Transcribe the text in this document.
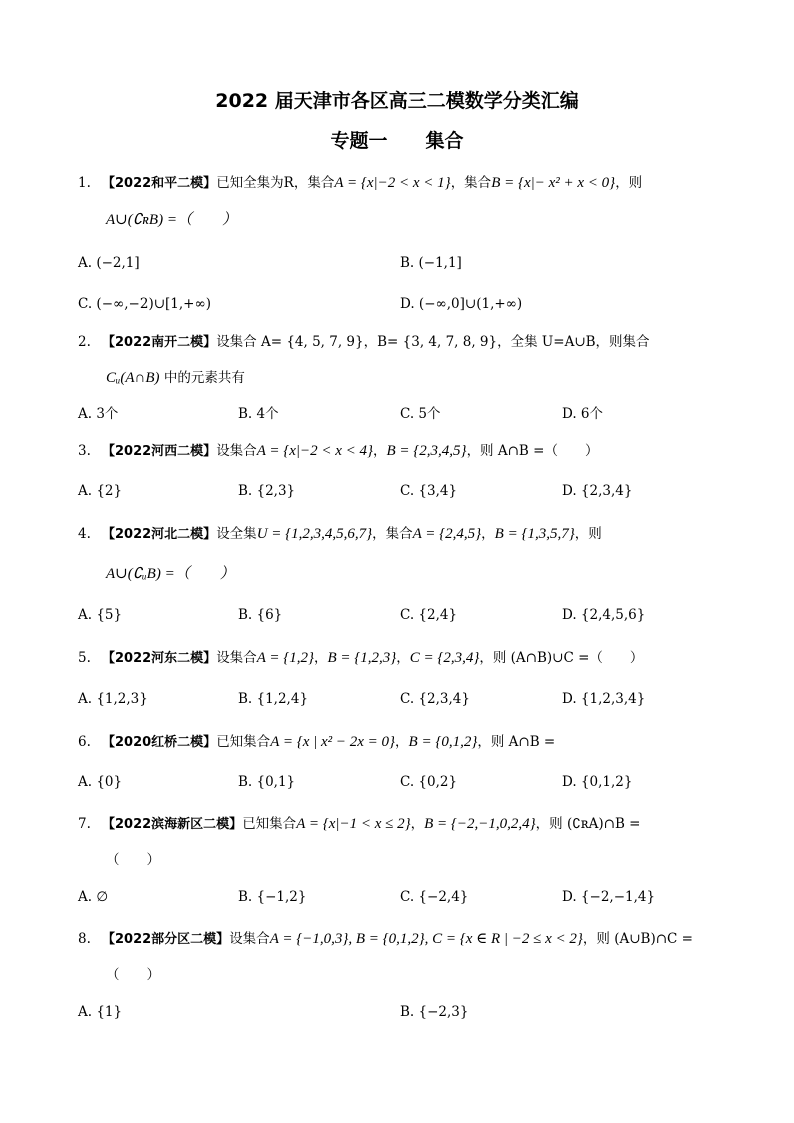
2022 届天津市各区高三二模数学分类汇编
专题一　　集合
1. 【2022和平二模】已知全集为R，集合A = {x|−2 < x < 1}，集合B = {x|− x² + x < 0}，则
A∪(∁ʀB) =（　　）
A. (−2,1]	B. (−1,1]
C. (−∞,−2)∪[1,+∞)	D. (−∞,0]∪(1,+∞)
2. 【2022南开二模】设集合 A= {4, 5, 7, 9}，B= {3, 4, 7, 8, 9}，全集 U=A∪B，则集合
Cᵤ(A∩B) 中的元素共有
A. 3个	B. 4个	C. 5个	D. 6个
3. 【2022河西二模】设集合A = {x|−2 < x < 4}，B = {2,3,4,5}，则 A∩B =（　　）
A. {2}	B. {2,3}	C. {3,4}	D. {2,3,4}
4. 【2022河北二模】设全集U = {1,2,3,4,5,6,7}，集合A = {2,4,5}，B = {1,3,5,7}，则
A∪(∁ᵤB) =（　　）
A. {5}	B. {6}	C. {2,4}	D. {2,4,5,6}
5. 【2022河东二模】设集合A = {1,2}，B = {1,2,3}，C = {2,3,4}，则 (A∩B)∪C =（　　）
A. {1,2,3}	B. {1,2,4}	C. {2,3,4}	D. {1,2,3,4}
6. 【2020红桥二模】已知集合A = {x | x² − 2x = 0}，B = {0,1,2}，则 A∩B =
A. {0}	B. {0,1}	C. {0,2}	D. {0,1,2}
7. 【2022滨海新区二模】已知集合A = {x|−1 < x ≤ 2}，B = {−2,−1,0,2,4}，则 (∁ʀA)∩B =
（　　）
A. ∅	B. {−1,2}	C. {−2,4}	D. {−2,−1,4}
8. 【2022部分区二模】设集合A = {−1,0,3}, B = {0,1,2}, C = {x ∈ R | −2 ≤ x < 2}，则 (A∪B)∩C =
（　　）
A. {1}	B. {−2,3}
